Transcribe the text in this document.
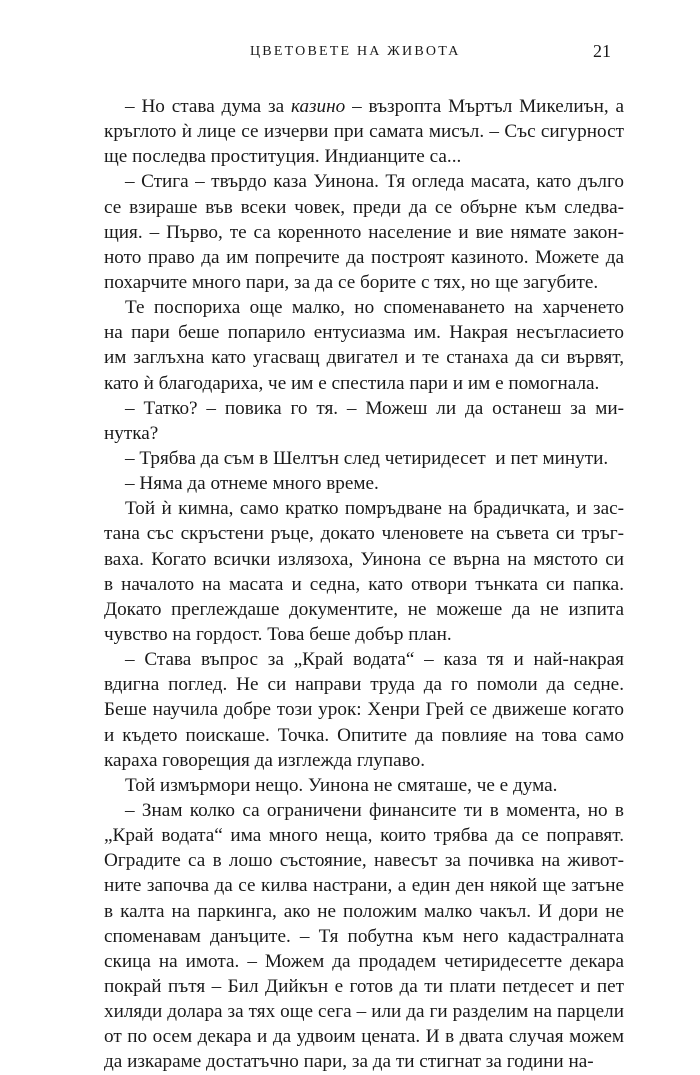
ЦВЕТОВЕТЕ НА ЖИВОТА	21
– Но става дума за казино – възропта Мъртъл Микелиън, а
кръглото ѝ лице се изчерви при самата мисъл. – Със сигурност
ще последва проституция. Индианците са...
– Стига – твърдо каза Уинона. Тя огледа масата, като дълго
се взираше във всеки човек, преди да се обърне към следва-
щия. – Първо, те са коренното население и вие нямате закон-
ното право да им попречите да построят казиното. Можете да
похарчите много пари, за да се борите с тях, но ще загубите.
Те поспориха още малко, но споменаването на харченето
на пари беше попарило ентусиазма им. Накрая несъгласието
им заглъхна като угасващ двигател и те станаха да си вървят,
като ѝ благодариха, че им е спестила пари и им е помогнала.
– Татко? – повика го тя. – Можеш ли да останеш за ми-
нутка?
– Трябва да съм в Шелтън след четиридесет  и пет минути.
– Няма да отнеме много време.
Той ѝ кимна, само кратко помръдване на брадичката, и зас-
тана със скръстени ръце, докато членовете на съвета си тръг-
ваха. Когато всички излязоха, Уинона се върна на мястото си
в началото на масата и седна, като отвори тънката си папка.
Докато преглеждаше документите, не можеше да не изпита
чувство на гордост. Това беше добър план.
– Става въпрос за „Край водата“ – каза тя и най-накрая
вдигна поглед. Не си направи труда да го помоли да седне.
Беше научила добре този урок: Хенри Грей се движеше когато
и където поискаше. Точка. Опитите да повлияе на това само
караха говорещия да изглежда глупаво.
Той измърмори нещо. Уинона не смяташе, че е дума.
– Знам колко са ограничени финансите ти в момента, но в
„Край водата“ има много неща, които трябва да се поправят.
Оградите са в лошо състояние, навесът за почивка на живот-
ните започва да се килва настрани, а един ден някой ще затъне
в калта на паркинга, ако не положим малко чакъл. И дори не
споменавам данъците. – Тя побутна към него кадастралната
скица на имота. – Можем да продадем четиридесетте декара
покрай пътя – Бил Дийкън е готов да ти плати петдесет и пет
хиляди долара за тях още сега – или да ги разделим на парцели
от по осем декара и да удвоим цената. И в двата случая можем
да изкараме достатъчно пари, за да ти стигнат за години на-
